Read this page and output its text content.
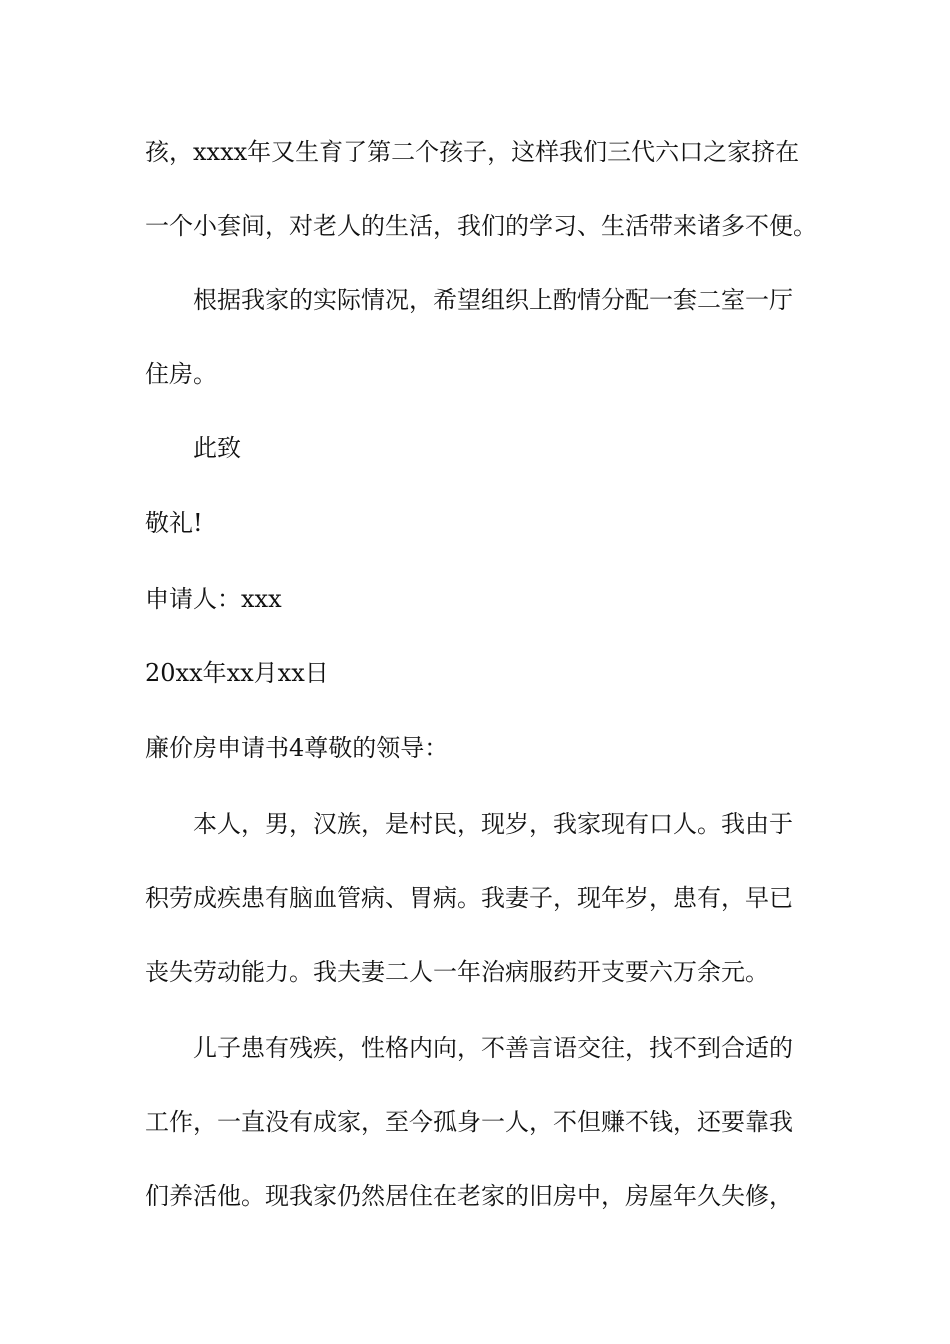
孩，xxxx年又生育了第二个孩子，这样我们三代六口之家挤在

一个小套间，对老人的生活，我们的学习、生活带来诸多不便。

根据我家的实际情况，希望组织上酌情分配一套二室一厅

住房。

此致

敬礼!

申请人：xxx

20xx年xx月xx日

廉价房申请书4尊敬的领导：

本人，男，汉族，是村民，现岁，我家现有口人。我由于

积劳成疾患有脑血管病、胃病。我妻子，现年岁，患有，早已

丧失劳动能力。我夫妻二人一年治病服药开支要六万余元。

儿子患有残疾，性格内向，不善言语交往，找不到合适的

工作，一直没有成家，至今孤身一人，不但赚不钱，还要靠我

们养活他。现我家仍然居住在老家的旧房中，房屋年久失修，
